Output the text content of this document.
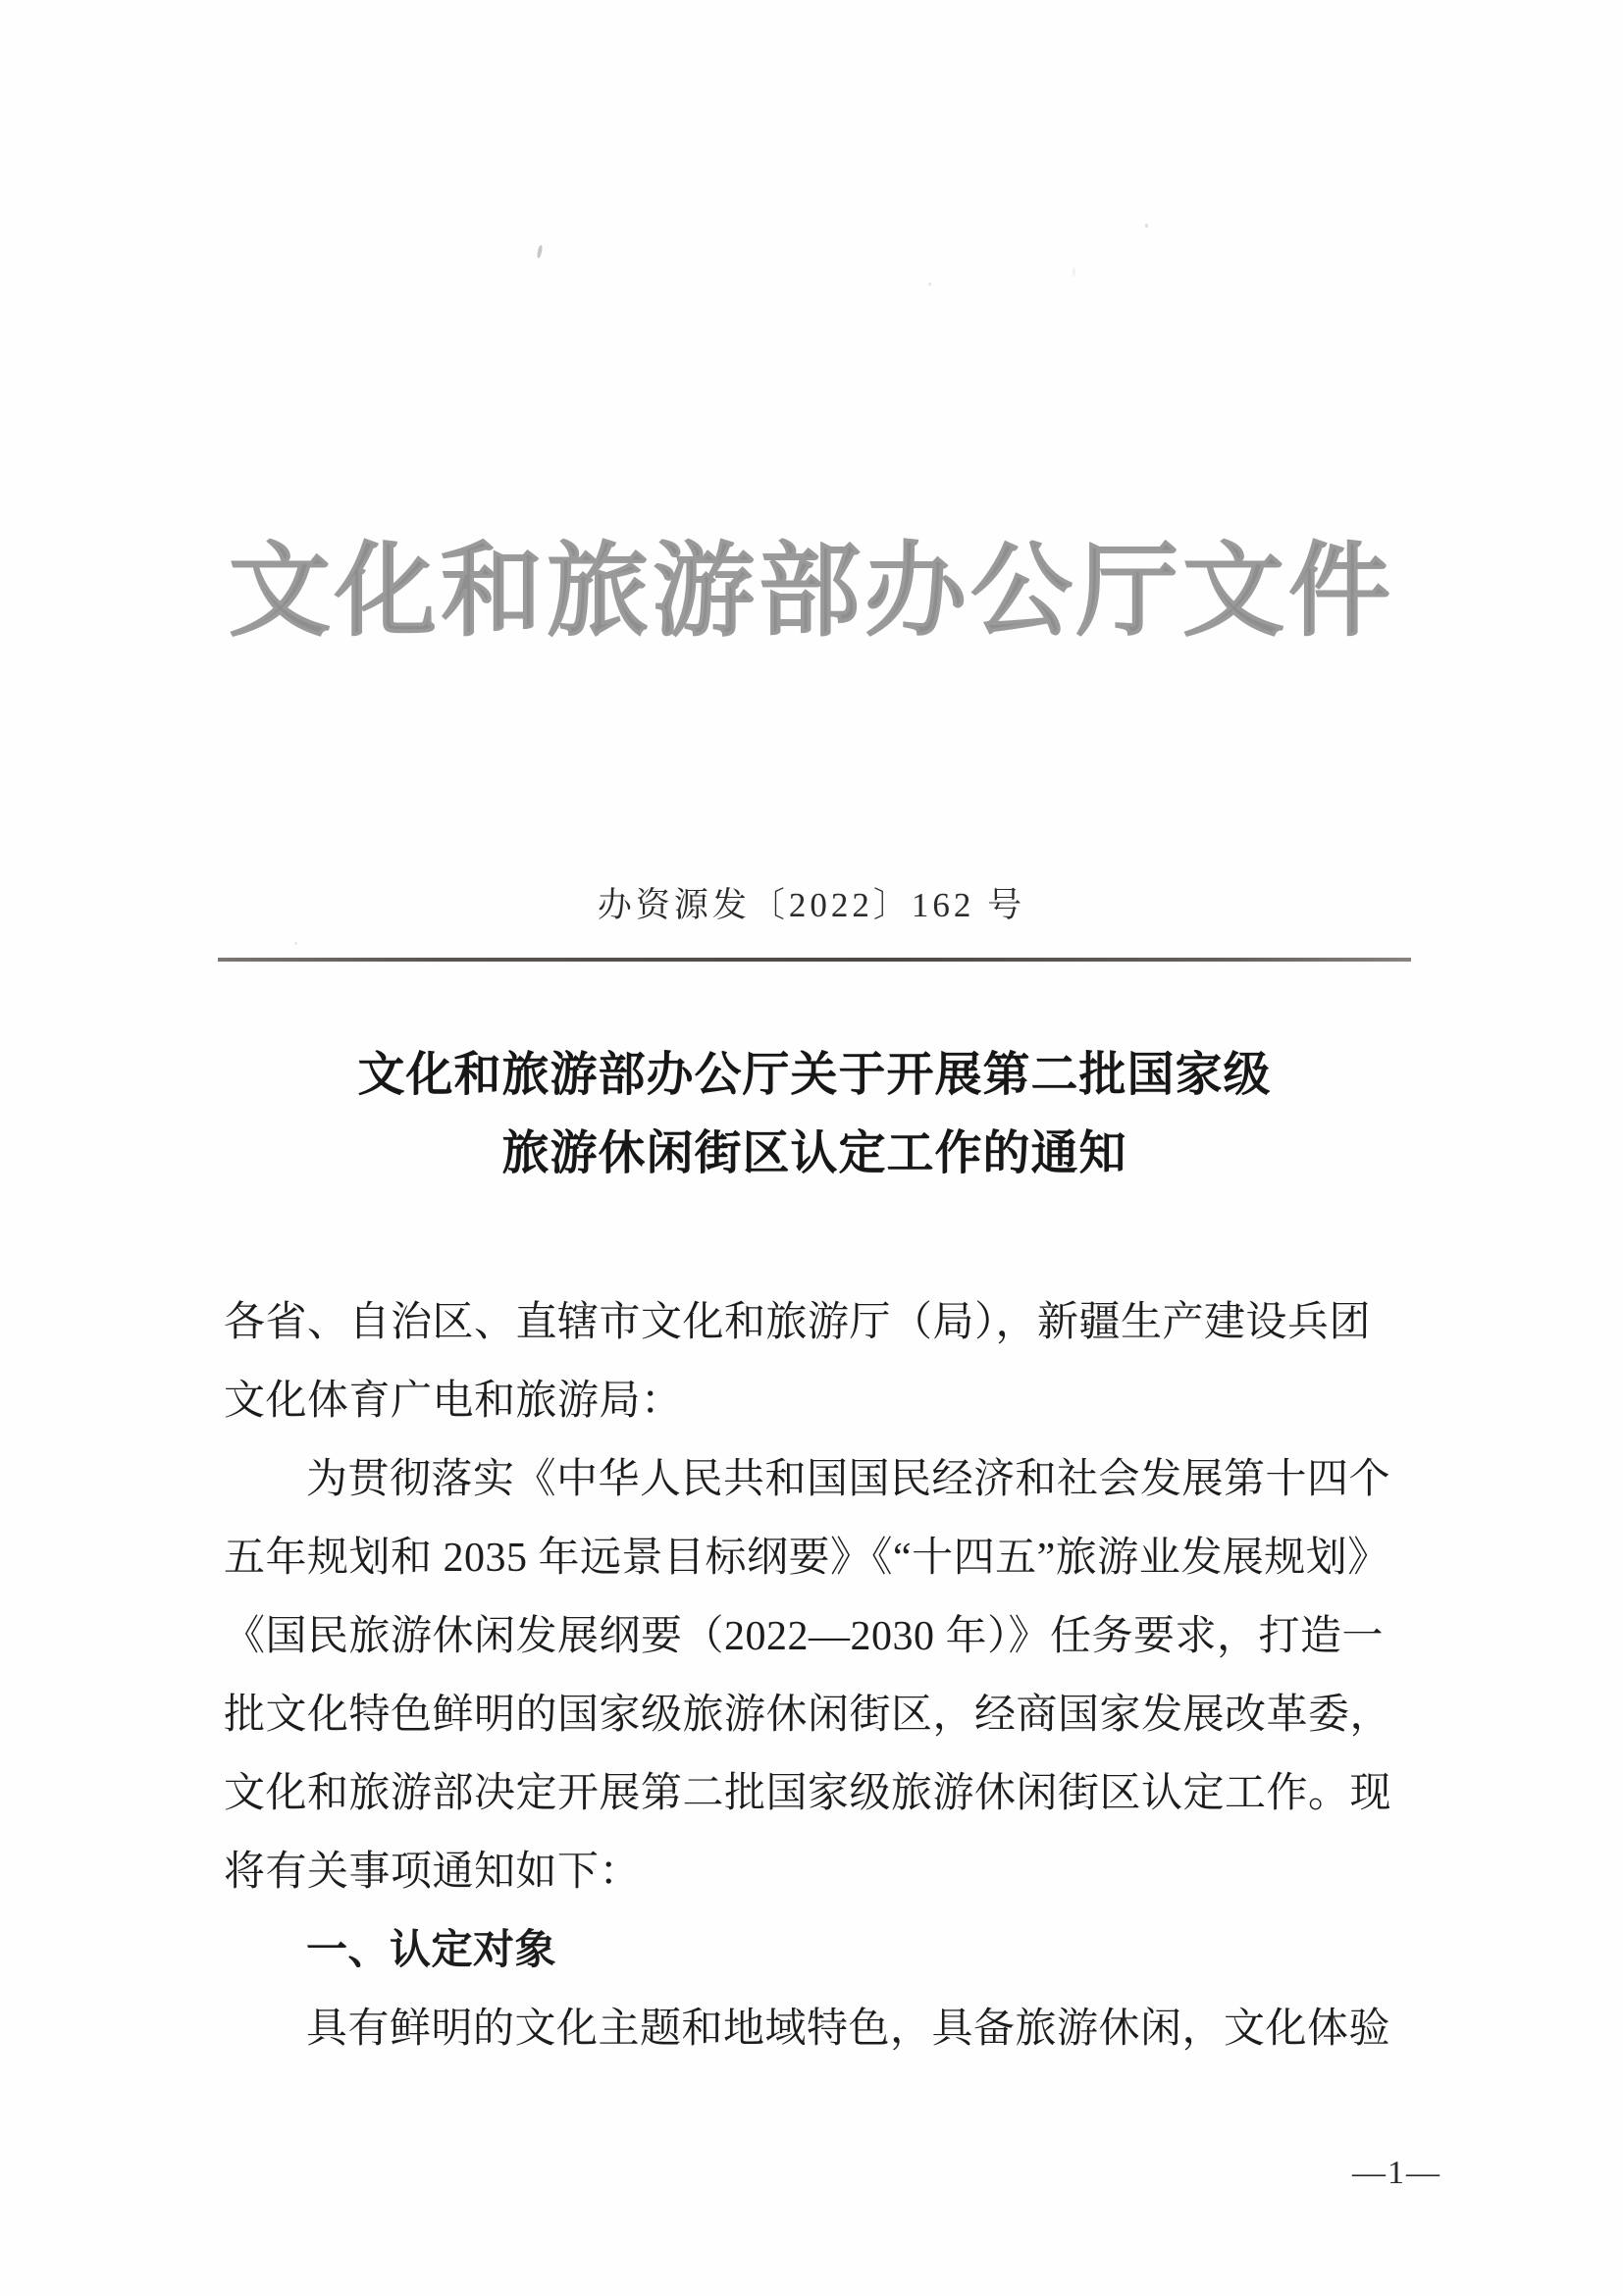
文化和旅游部办公厅文件
办资源发〔2022〕162 号
文化和旅游部办公厅关于开展第二批国家级
旅游休闲街区认定工作的通知

各省、自治区、直辖市文化和旅游厅（局），新疆生产建设兵团

文化体育广电和旅游局：

为贯彻落实《中华人民共和国国民经济和社会发展第十四个

五年规划和 2035 年远景目标纲要》《“十四五”旅游业发展规划》

《国民旅游休闲发展纲要（2022—2030 年）》任务要求，打造一

批文化特色鲜明的国家级旅游休闲街区，经商国家发展改革委，

文化和旅游部决定开展第二批国家级旅游休闲街区认定工作。现

将有关事项通知如下：

一、认定对象

具有鲜明的文化主题和地域特色，具备旅游休闲，文化体验

—1—
